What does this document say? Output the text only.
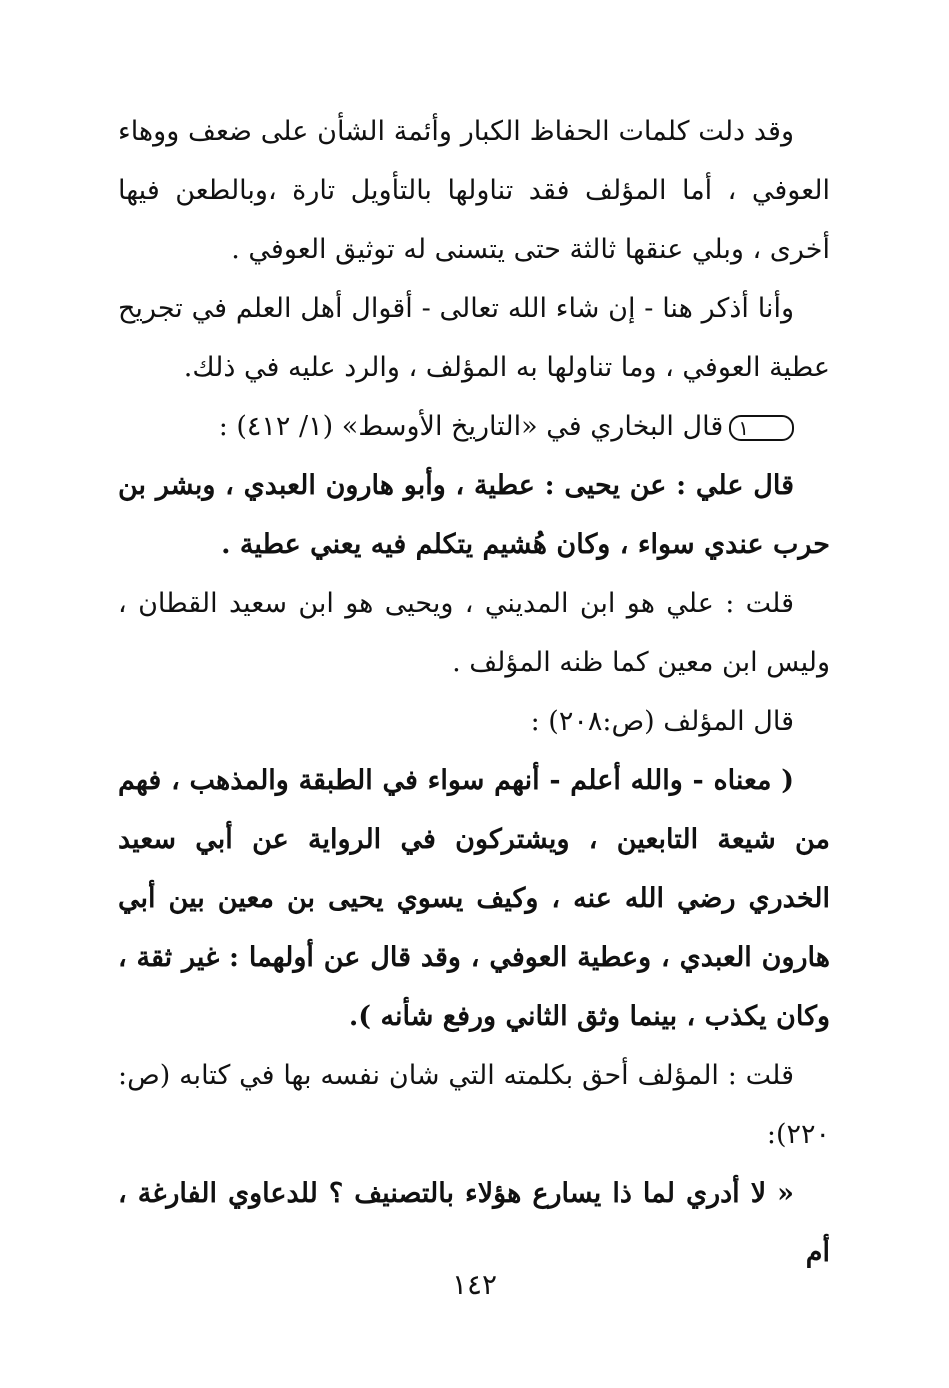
وقد دلت كلمات الحفاظ الكبار وأئمة الشأن على ضعف ووهاء العوفي ، أما المؤلف فقد تناولها بالتأويل تارة ،وبالطعن فيها أخرى ، وبلي عنقها ثالثة حتى يتسنى له توثيق العوفي .

وأنا أذكر هنا - إن شاء الله تعالى - أقوال أهل العلم في تجريح عطية العوفي ، وما تناولها به المؤلف ، والرد عليه في ذلك.

١قال البخاري في «التاريخ الأوسط» (١/ ٤١٢) :

قال علي : عن يحيى : عطية ، وأبو هارون العبدي ، وبشر بن حرب عندي سواء ، وكان هُشيم يتكلم فيه يعني عطية .

قلت : علي هو ابن المديني ، ويحيى هو ابن سعيد القطان ، وليس ابن معين كما ظنه المؤلف .

قال المؤلف (ص:٢٠٨) :

( معناه - والله أعلم - أنهم سواء في الطبقة والمذهب ، فهم من شيعة التابعين ، ويشتركون في الرواية عن أبي سعيد الخدري رضي الله عنه ، وكيف يسوي يحيى بن معين بين أبي هارون العبدي ، وعطية العوفي ، وقد قال عن أولهما : غير ثقة ، وكان يكذب ، بينما وثق الثاني ورفع شأنه ).

قلت : المؤلف أحق بكلمته التي شان نفسه بها في كتابه (ص: ٢٢٠):

« لا أدري لما ذا يسارع هؤلاء بالتصنيف ؟ للدعاوي الفارغة ، أم

١٤٢
